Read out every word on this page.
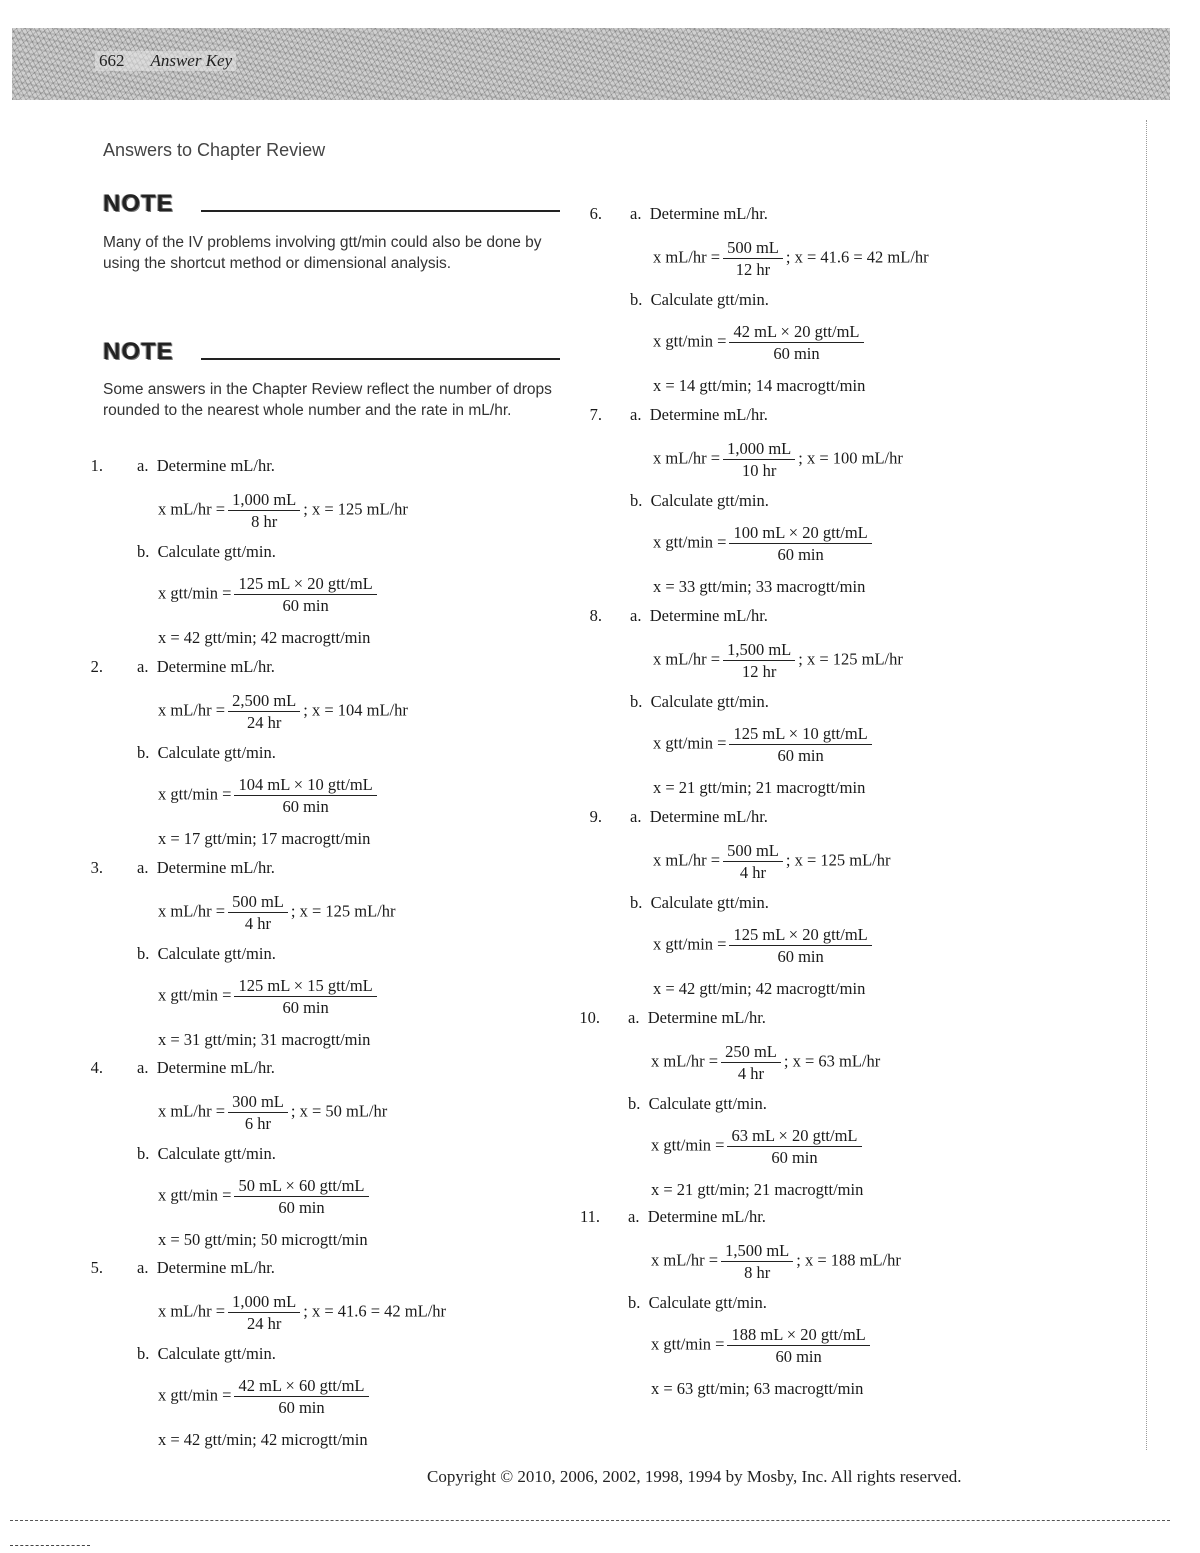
662 Answer Key
Answers to Chapter Review
NOTE
Many of the IV problems involving gtt/min could also be done by using the shortcut method or dimensional analysis.
NOTE
Some answers in the Chapter Review reflect the number of drops rounded to the nearest whole number and the rate in mL/hr.
1. a. Determine mL/hr.
x $mL/hr = \frac{1,000 mL}{8 hr}$ ; x = 125 mL/hr
b. Calculate gtt/min.
x $gtt/\min = \frac{\text{125 mL × 20 gtt/mL}}{60 \min}$
x = 42 gtt/min; 42 macrogtt/min
2. a. Determine mL/hr.
x $mL/hr = \frac{2,500 mL}{24 hr}$ ; x = 104 mL/hr
b. Calculate gtt/min.
x $gtt/\min = \frac{\text{104 mL × 10 gtt/mL}}{60 \min}$
x = 17 gtt/min; 17 macrogtt/min
3. a. Determine mL/hr.
x $mL/hr = \frac{500 mL}{4 hr}$ ; x = 125 mL/hr
b. Calculate gtt/min.
x $gtt/\min = \frac{\text{125 mL × 15 gtt/mL}}{60 \min}$
x = 31 gtt/min; 31 macrogtt/min
4. a. Determine mL/hr.
x $mL/hr = \frac{300 mL}{6 hr}$ ; x = 50 mL/hr
b. Calculate gtt/min.
x $gtt/\min = \frac{\text{50 mL × 60 gtt/mL}}{60 \min}$
x = 50 gtt/min; 50 microgtt/min
5. a. Determine mL/hr.
x $mL/hr = \frac{1,000 mL}{24 hr}$ ; x = 41.6 = 42 mL/hr
b. Calculate gtt/min.
x $gtt/\min = \frac{\text{42 mL × 60 gtt/mL}}{60 \min}$
x = 42 gtt/min; 42 microgtt/min
6. a. Determine mL/hr.
x $mL/hr = \frac{500 mL}{12 hr}$ ; x = 41.6 = 42 mL/hr
b. Calculate gtt/min.
x $gtt/\min = \frac{\text{42 mL × 20 gtt/mL}}{60 \min}$
x = 14 gtt/min; 14 macrogtt/min
7. a. Determine mL/hr.
x $mL/hr = \frac{1,000 mL}{10 hr}$ ; x = 100 mL/hr
b. Calculate gtt/min.
x $gtt/\min = \frac{\text{100 mL × 20 gtt/mL}}{60 \min}$
x = 33 gtt/min; 33 macrogtt/min
8. a. Determine mL/hr.
x $mL/hr = \frac{1,500 mL}{12 hr}$ ; x = 125 mL/hr
b. Calculate gtt/min.
x $gtt/\min = \frac{\text{125 mL × 10 gtt/mL}}{60 \min}$
x = 21 gtt/min; 21 macrogtt/min
9. a. Determine mL/hr.
x $mL/hr = \frac{500 mL}{4 hr}$ ; x = 125 mL/hr
b. Calculate gtt/min.
x $gtt/\min = \frac{\text{125 mL × 20 gtt/mL}}{60 \min}$
x = 42 gtt/min; 42 macrogtt/min
10. a. Determine mL/hr.
x $mL/hr = \frac{250 mL}{4 hr}$ ; x = 63 mL/hr
b. Calculate gtt/min.
x $gtt/\min = \frac{\text{63 mL × 20 gtt/mL}}{60 \min}$
x = 21 gtt/min; 21 macrogtt/min
11. a. Determine mL/hr.
x $mL/hr = \frac{1,500 mL}{8 hr}$ ; x = 188 mL/hr
b. Calculate gtt/min.
x $gtt/\min = \frac{\text{188 mL × 20 gtt/mL}}{60 \min}$
x = 63 gtt/min; 63 macrogtt/min
Copyright © 2010, 2006, 2002, 1998, 1994 by Mosby, Inc. All rights reserved.
